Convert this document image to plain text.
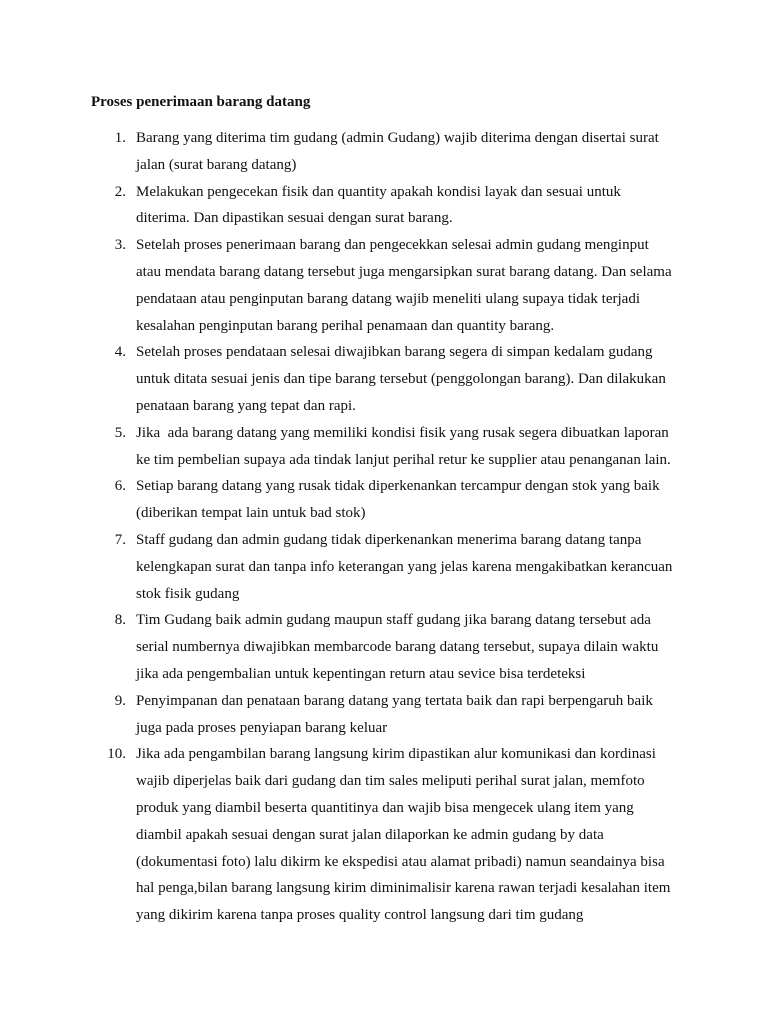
Proses penerimaan barang datang
1. Barang yang diterima tim gudang (admin Gudang) wajib diterima dengan disertai surat
jalan (surat barang datang)
2. Melakukan pengecekan fisik dan quantity apakah kondisi layak dan sesuai untuk
diterima. Dan dipastikan sesuai dengan surat barang.
3. Setelah proses penerimaan barang dan pengecekkan selesai admin gudang menginput
atau mendata barang datang tersebut juga mengarsipkan surat barang datang. Dan selama
pendataan atau penginputan barang datang wajib meneliti ulang supaya tidak terjadi
kesalahan penginputan barang perihal penamaan dan quantity barang.
4. Setelah proses pendataan selesai diwajibkan barang segera di simpan kedalam gudang
untuk ditata sesuai jenis dan tipe barang tersebut (penggolongan barang). Dan dilakukan
penataan barang yang tepat dan rapi.
5. Jika  ada barang datang yang memiliki kondisi fisik yang rusak segera dibuatkan laporan
ke tim pembelian supaya ada tindak lanjut perihal retur ke supplier atau penanganan lain.
6. Setiap barang datang yang rusak tidak diperkenankan tercampur dengan stok yang baik
(diberikan tempat lain untuk bad stok)
7. Staff gudang dan admin gudang tidak diperkenankan menerima barang datang tanpa
kelengkapan surat dan tanpa info keterangan yang jelas karena mengakibatkan kerancuan
stok fisik gudang
8. Tim Gudang baik admin gudang maupun staff gudang jika barang datang tersebut ada
serial numbernya diwajibkan membarcode barang datang tersebut, supaya dilain waktu
jika ada pengembalian untuk kepentingan return atau sevice bisa terdeteksi
9. Penyimpanan dan penataan barang datang yang tertata baik dan rapi berpengaruh baik
juga pada proses penyiapan barang keluar
10. Jika ada pengambilan barang langsung kirim dipastikan alur komunikasi dan kordinasi
wajib diperjelas baik dari gudang dan tim sales meliputi perihal surat jalan, memfoto
produk yang diambil beserta quantitinya dan wajib bisa mengecek ulang item yang
diambil apakah sesuai dengan surat jalan dilaporkan ke admin gudang by data
(dokumentasi foto) lalu dikirm ke ekspedisi atau alamat pribadi) namun seandainya bisa
hal penga,bilan barang langsung kirim diminimalisir karena rawan terjadi kesalahan item
yang dikirim karena tanpa proses quality control langsung dari tim gudang
